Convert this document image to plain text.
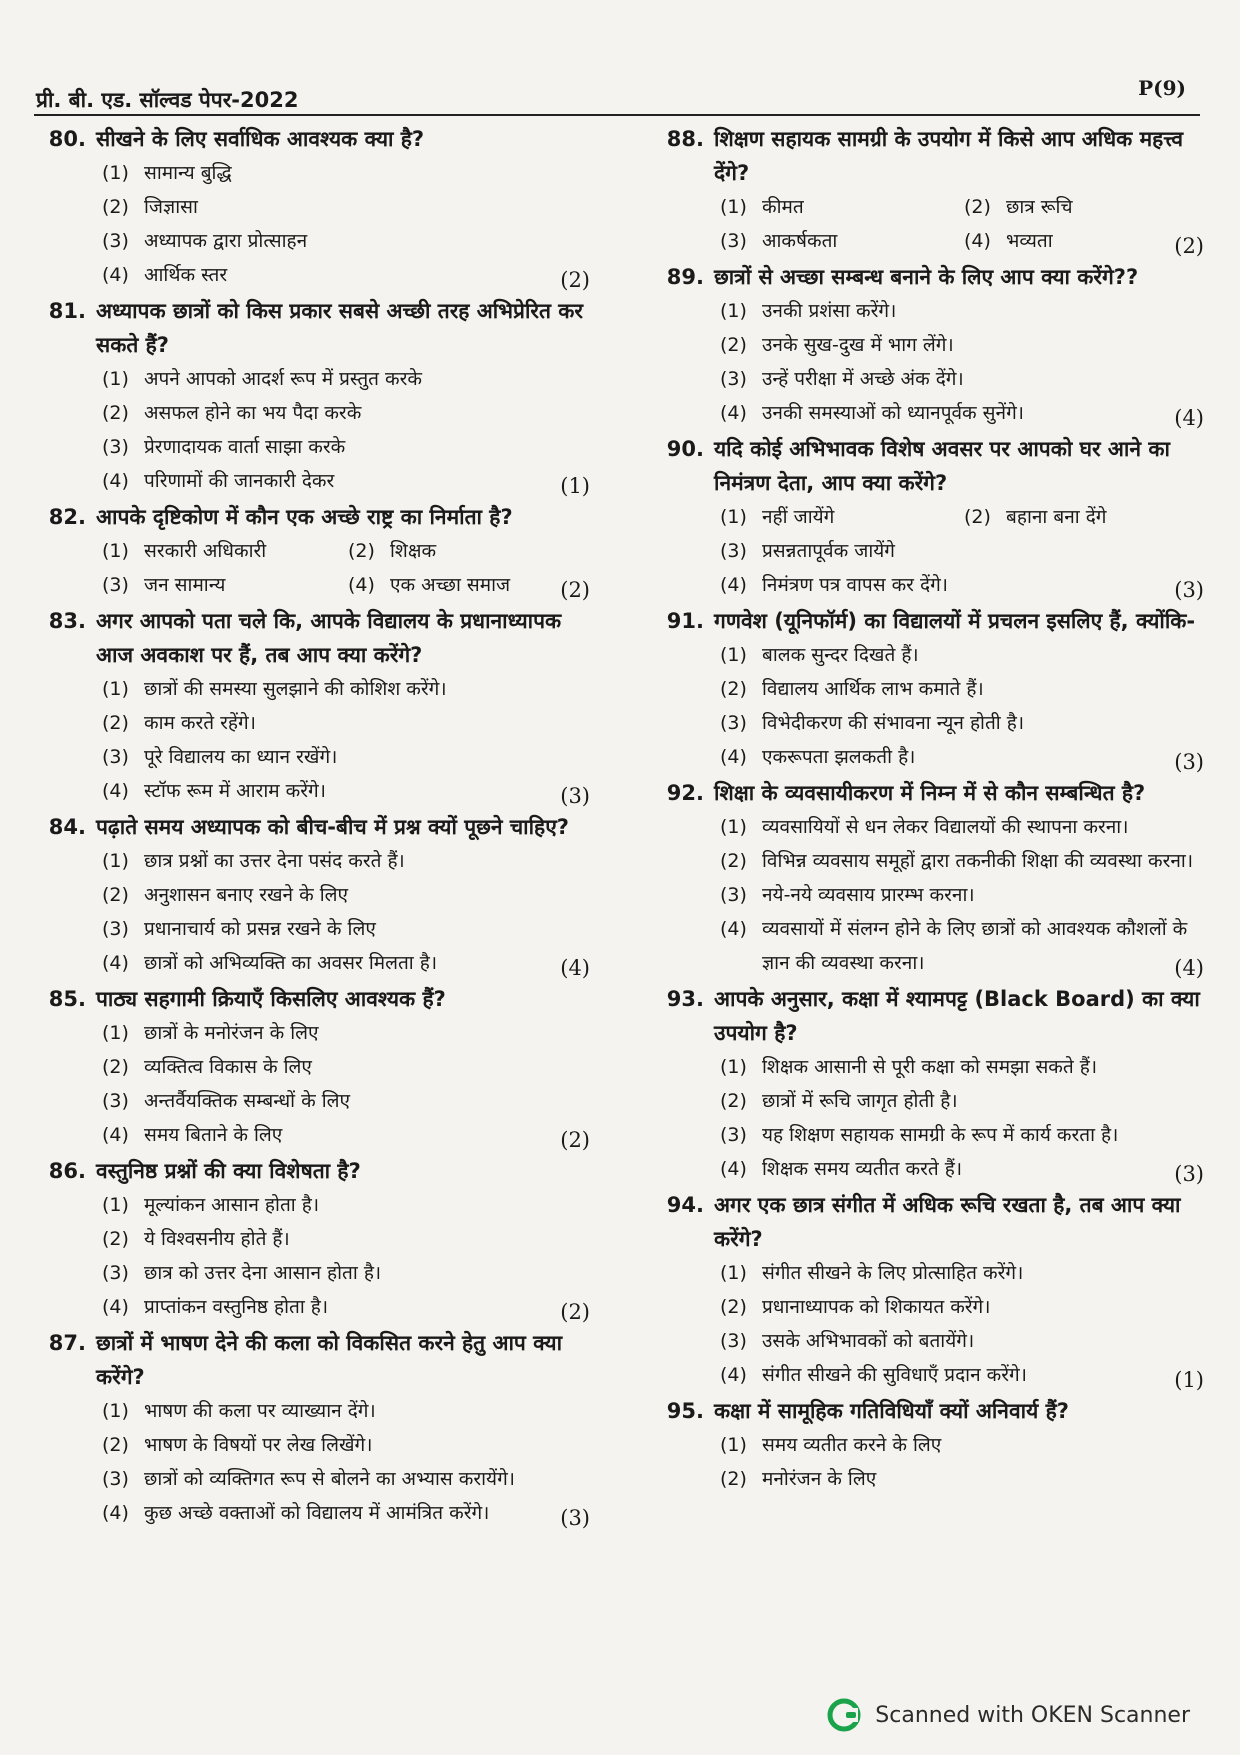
प्री. बी. एड. सॉल्वड पेपर-2022	P(9)
80. सीखने के लिए सर्वाधिक आवश्यक क्या है?
(1) सामान्य बुद्धि
(2) जिज्ञासा
(3) अध्यापक द्वारा प्रोत्साहन
(4) आर्थिक स्तर	(2)
81. अध्यापक छात्रों को किस प्रकार सबसे अच्छी तरह अभिप्रेरित कर सकते हैं?
(1) अपने आपको आदर्श रूप में प्रस्तुत करके
(2) असफल होने का भय पैदा करके
(3) प्रेरणादायक वार्ता साझा करके
(4) परिणामों की जानकारी देकर	(1)
82. आपके दृष्टिकोण में कौन एक अच्छे राष्ट्र का निर्माता है?
(1) सरकारी अधिकारी	(2) शिक्षक
(3) जन सामान्य	(4) एक अच्छा समाज	(2)
83. अगर आपको पता चले कि, आपके विद्यालय के प्रधानाध्यापक आज अवकाश पर हैं, तब आप क्या करेंगे?
(1) छात्रों की समस्या सुलझाने की कोशिश करेंगे।
(2) काम करते रहेंगे।
(3) पूरे विद्यालय का ध्यान रखेंगे।
(4) स्टॉफ रूम में आराम करेंगे।	(3)
84. पढ़ाते समय अध्यापक को बीच-बीच में प्रश्न क्यों पूछने चाहिए?
(1) छात्र प्रश्नों का उत्तर देना पसंद करते हैं।
(2) अनुशासन बनाए रखने के लिए
(3) प्रधानाचार्य को प्रसन्न रखने के लिए
(4) छात्रों को अभिव्यक्ति का अवसर मिलता है।	(4)
85. पाठ्य सहगामी क्रियाएँ किसलिए आवश्यक हैं?
(1) छात्रों के मनोरंजन के लिए
(2) व्यक्तित्व विकास के लिए
(3) अन्तर्वैयक्तिक सम्बन्धों के लिए
(4) समय बिताने के लिए	(2)
86. वस्तुनिष्ठ प्रश्नों की क्या विशेषता है?
(1) मूल्यांकन आसान होता है।
(2) ये विश्वसनीय होते हैं।
(3) छात्र को उत्तर देना आसान होता है।
(4) प्राप्तांकन वस्तुनिष्ठ होता है।	(2)
87. छात्रों में भाषण देने की कला को विकसित करने हेतु आप क्या करेंगे?
(1) भाषण की कला पर व्याख्यान देंगे।
(2) भाषण के विषयों पर लेख लिखेंगे।
(3) छात्रों को व्यक्तिगत रूप से बोलने का अभ्यास करायेंगे।
(4) कुछ अच्छे वक्ताओं को विद्यालय में आमंत्रित करेंगे।	(3)
88. शिक्षण सहायक सामग्री के उपयोग में किसे आप अधिक महत्त्व देंगे?
(1) कीमत	(2) छात्र रूचि
(3) आकर्षकता	(4) भव्यता	(2)
89. छात्रों से अच्छा सम्बन्ध बनाने के लिए आप क्या करेंगे??
(1) उनकी प्रशंसा करेंगे।
(2) उनके सुख-दुख में भाग लेंगे।
(3) उन्हें परीक्षा में अच्छे अंक देंगे।
(4) उनकी समस्याओं को ध्यानपूर्वक सुनेंगे।	(4)
90. यदि कोई अभिभावक विशेष अवसर पर आपको घर आने का निमंत्रण देता, आप क्या करेंगे?
(1) नहीं जायेंगे	(2) बहाना बना देंगे
(3) प्रसन्नतापूर्वक जायेंगे
(4) निमंत्रण पत्र वापस कर देंगे।	(3)
91. गणवेश (यूनिफॉर्म) का विद्यालयों में प्रचलन इसलिए हैं, क्योंकि-
(1) बालक सुन्दर दिखते हैं।
(2) विद्यालय आर्थिक लाभ कमाते हैं।
(3) विभेदीकरण की संभावना न्यून होती है।
(4) एकरूपता झलकती है।	(3)
92. शिक्षा के व्यवसायीकरण में निम्न में से कौन सम्बन्धित है?
(1) व्यवसायियों से धन लेकर विद्यालयों की स्थापना करना।
(2) विभिन्न व्यवसाय समूहों द्वारा तकनीकी शिक्षा की व्यवस्था करना।
(3) नये-नये व्यवसाय प्रारम्भ करना।
(4) व्यवसायों में संलग्न होने के लिए छात्रों को आवश्यक कौशलों के ज्ञान की व्यवस्था करना।	(4)
93. आपके अनुसार, कक्षा में श्यामपट्ट (Black Board) का क्या उपयोग है?
(1) शिक्षक आसानी से पूरी कक्षा को समझा सकते हैं।
(2) छात्रों में रूचि जागृत होती है।
(3) यह शिक्षण सहायक सामग्री के रूप में कार्य करता है।
(4) शिक्षक समय व्यतीत करते हैं।	(3)
94. अगर एक छात्र संगीत में अधिक रूचि रखता है, तब आप क्या करेंगे?
(1) संगीत सीखने के लिए प्रोत्साहित करेंगे।
(2) प्रधानाध्यापक को शिकायत करेंगे।
(3) उसके अभिभावकों को बतायेंगे।
(4) संगीत सीखने की सुविधाएँ प्रदान करेंगे।	(1)
95. कक्षा में सामूहिक गतिविधियाँ क्यों अनिवार्य हैं?
(1) समय व्यतीत करने के लिए
(2) मनोरंजन के लिए
Scanned with OKEN Scanner
